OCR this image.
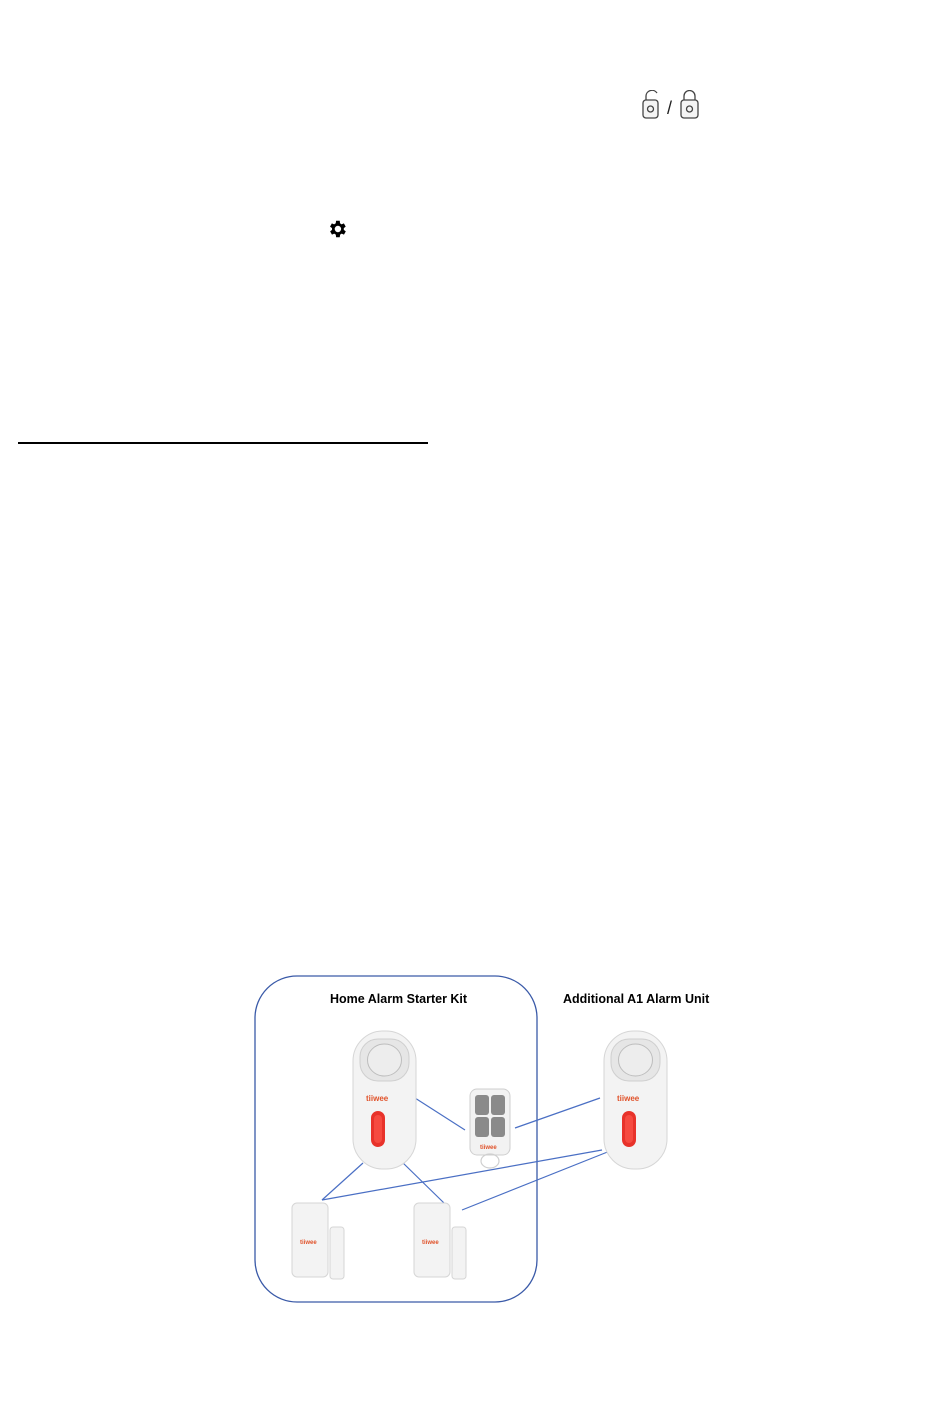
/
tiiwee
tiiwee
tiiwee
tiiwee	tiiwee
Home Alarm Starter Kit	Additional A1 Alarm Unit
